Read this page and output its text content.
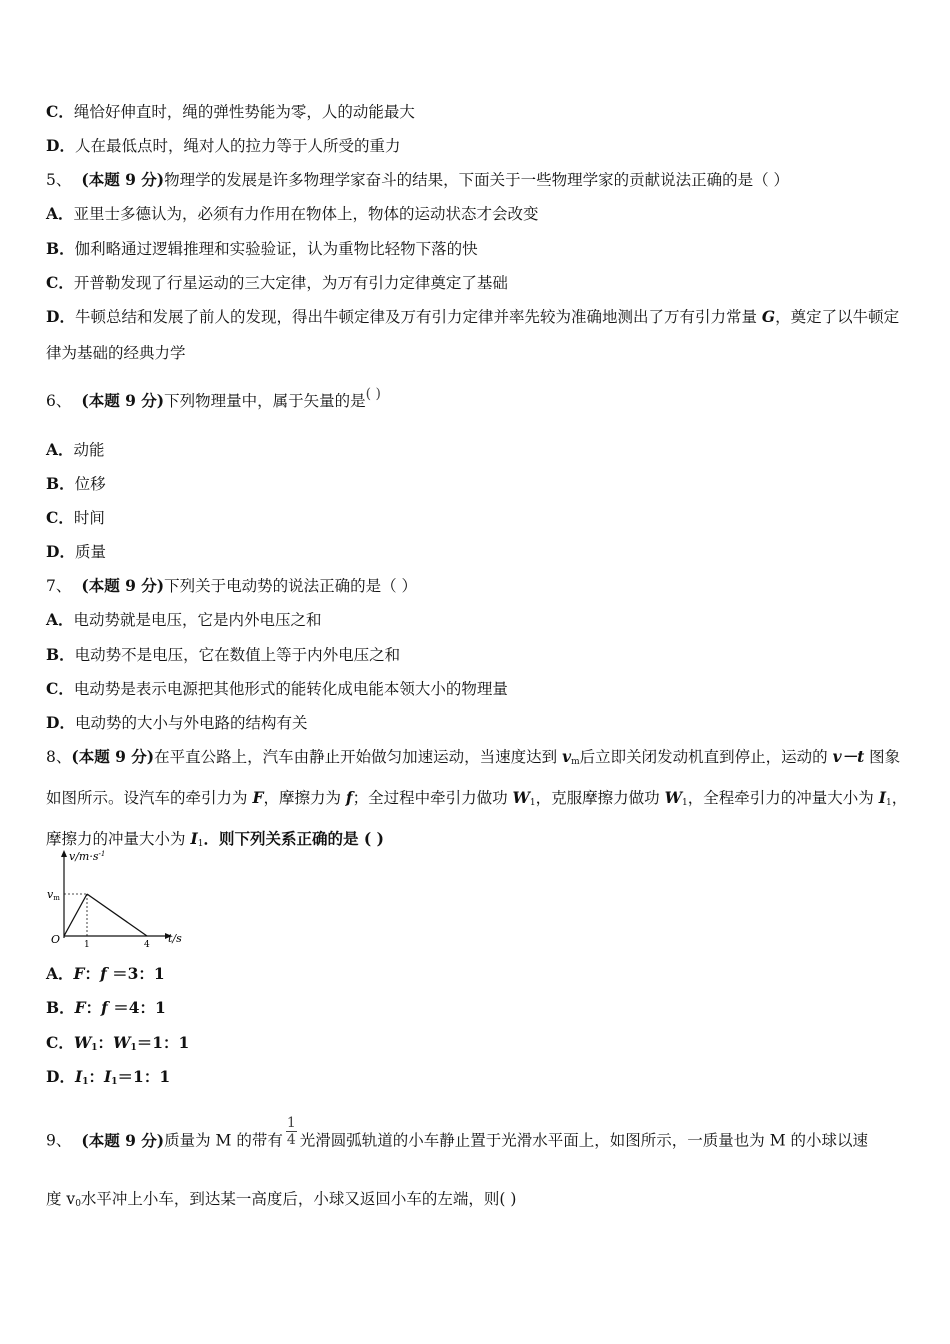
C．绳恰好伸直时，绳的弹性势能为零，人的动能最大
D．人在最低点时，绳对人的拉力等于人所受的重力
5、 (本题 9 分)物理学的发展是许多物理学家奋斗的结果，下面关于一些物理学家的贡献说法正确的是（ ）
A．亚里士多德认为，必须有力作用在物体上，物体的运动状态才会改变
B．伽利略通过逻辑推理和实验验证，认为重物比轻物下落的快
C．开普勒发现了行星运动的三大定律，为万有引力定律奠定了基础
D．牛顿总结和发展了前人的发现，得出牛顿定律及万有引力定律并率先较为准确地测出了万有引力常量 G，奠定了以牛顿定律为基础的经典力学
6、 (本题 9 分)下列物理量中，属于矢量的是( )
A．动能
B．位移
C．时间
D．质量
7、 (本题 9 分)下列关于电动势的说法正确的是（ ）
A．电动势就是电压，它是内外电压之和
B．电动势不是电压，它在数值上等于内外电压之和
C．电动势是表示电源把其他形式的能转化成电能本领大小的物理量
D．电动势的大小与外电路的结构有关
8、(本题 9 分)在平直公路上，汽车由静止开始做匀加速运动，当速度达到 $v_m$后立即关闭发动机直到停止，运动的 v－t 图象如图所示。设汽车的牵引力为 F，摩擦力为 f；全过程中牵引力做功 $W_1$，克服摩擦力做功 $W_1$，全程牵引力的冲量大小为 $I_1$，摩擦力的冲量大小为 $I_1$．则下列关系正确的是 ( )
$v/m\cdot s^{-1}$
vm
O	1	4 t/s
A．F：f ＝3：1
B．F：f ＝4：1
C．$W_1$：$W_1=1$：1
D．$I_1$：$I_1=1$：1
9、 (本题 9 分)质量为 M 的带有 $\frac{1}{4}$ 光滑圆弧轨道的小车静止置于光滑水平面上，如图所示，一质量也为 M 的小球以速
度 $v_0$水平冲上小车，到达某一高度后，小球又返回小车的左端，则( )
